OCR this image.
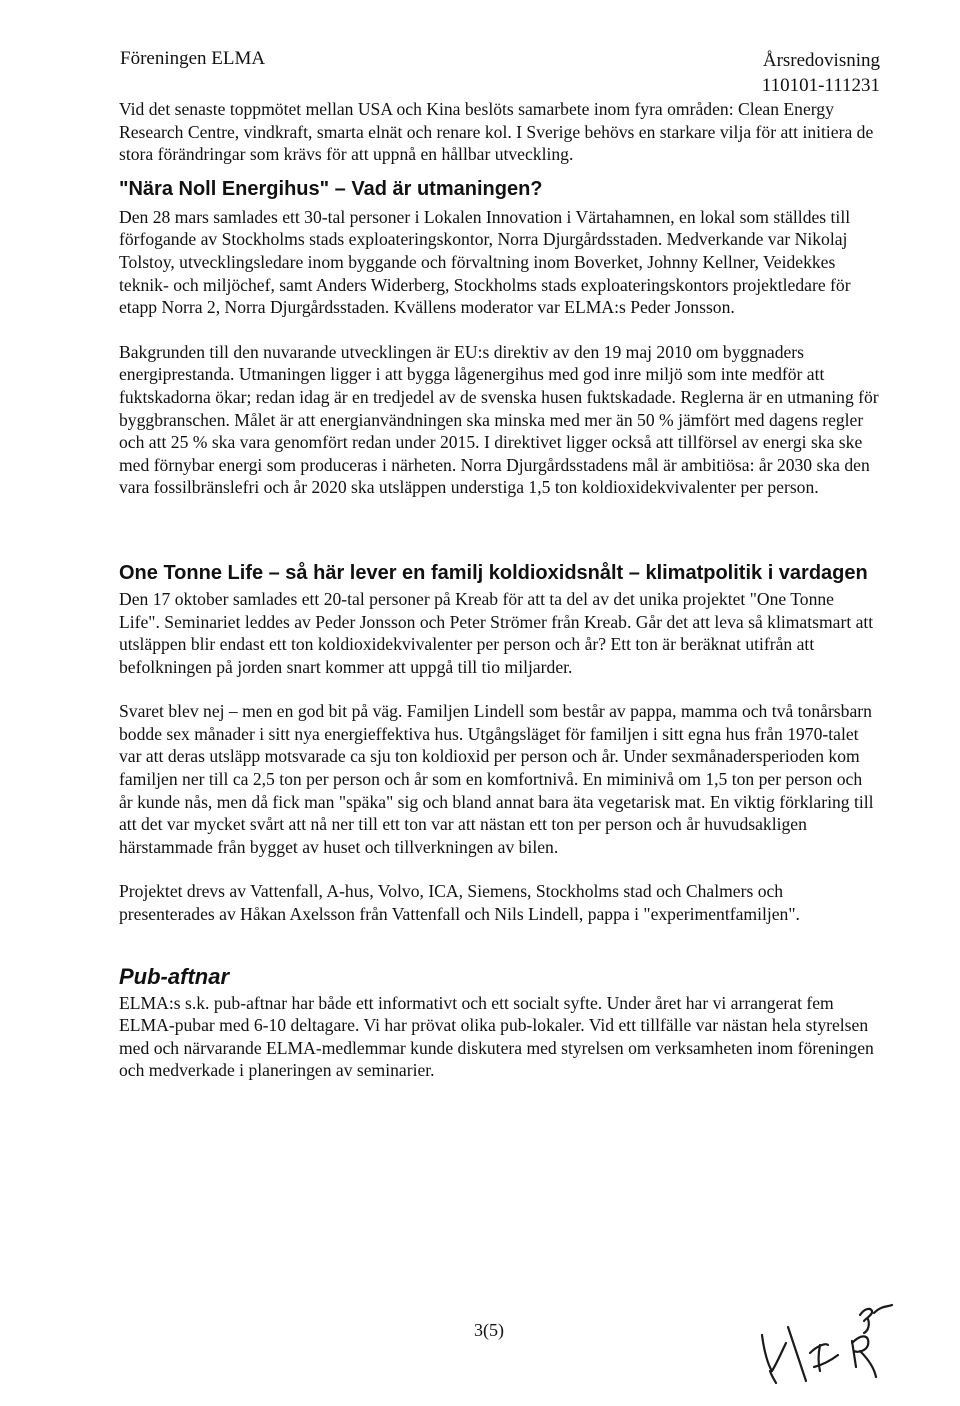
Föreningen ELMA	Årsredovisning
110101-111231

Vid det senaste toppmötet mellan USA och Kina beslöts samarbete inom fyra områden: Clean Energy Research Centre, vindkraft, smarta elnät och renare kol. I Sverige behövs en starkare vilja för att initiera de stora förändringar som krävs för att uppnå en hållbar utveckling.

"Nära Noll Energihus" – Vad är utmaningen?

Den 28 mars samlades ett 30-tal personer i Lokalen Innovation i Värtahamnen, en lokal som ställdes till förfogande av Stockholms stads exploateringskontor, Norra Djurgårdsstaden. Medverkande var Nikolaj Tolstoy, utvecklingsledare inom byggande och förvaltning inom Boverket, Johnny Kellner, Veidekkes teknik- och miljöchef, samt Anders Widerberg, Stockholms stads exploateringskontors projektledare för etapp Norra 2, Norra Djurgårdsstaden. Kvällens moderator var ELMA:s Peder Jonsson.

Bakgrunden till den nuvarande utvecklingen är EU:s direktiv av den 19 maj 2010 om byggnaders energiprestanda. Utmaningen ligger i att bygga lågenergihus med god inre miljö som inte medför att fuktskadorna ökar; redan idag är en tredjedel av de svenska husen fuktskadade. Reglerna är en utmaning för byggbranschen. Målet är att energianvändningen ska minska med mer än 50 % jämfört med dagens regler och att 25 % ska vara genomfört redan under 2015. I direktivet ligger också att tillförsel av energi ska ske med förnybar energi som produceras i närheten. Norra Djurgårdsstadens mål är ambitiösa: år 2030 ska den vara fossilbränslefri och år 2020 ska utsläppen understiga 1,5 ton koldioxidekvivalenter per person.

One Tonne Life – så här lever en familj koldioxidsnålt – klimatpolitik i vardagen

Den 17 oktober samlades ett 20-tal personer på Kreab för att ta del av det unika projektet "One Tonne Life". Seminariet leddes av Peder Jonsson och Peter Strömer från Kreab. Går det att leva så klimatsmart att utsläppen blir endast ett ton koldioxidekvivalenter per person och år? Ett ton är beräknat utifrån att befolkningen på jorden snart kommer att uppgå till tio miljarder.

Svaret blev nej – men en god bit på väg. Familjen Lindell som består av pappa, mamma och två tonårsbarn bodde sex månader i sitt nya energieffektiva hus. Utgångsläget för familjen i sitt egna hus från 1970-talet var att deras utsläpp motsvarade ca sju ton koldioxid per person och år. Under sexmånadersperioden kom familjen ner till ca 2,5 ton per person och år som en komfortnivå. En miminivå om 1,5 ton per person och år kunde nås, men då fick man "späka" sig och bland annat bara äta vegetarisk mat. En viktig förklaring till att det var mycket svårt att nå ner till ett ton var att nästan ett ton per person och år huvudsakligen härstammade från bygget av huset och tillverkningen av bilen.

Projektet drevs av Vattenfall, A-hus, Volvo, ICA, Siemens, Stockholms stad och Chalmers och presenterades av Håkan Axelsson från Vattenfall och Nils Lindell, pappa i "experimentfamiljen".

Pub-aftnar

ELMA:s s.k. pub-aftnar har både ett informativt och ett socialt syfte. Under året har vi arrangerat fem ELMA-pubar med 6-10 deltagare. Vi har prövat olika pub-lokaler. Vid ett tillfälle var nästan hela styrelsen med och närvarande ELMA-medlemmar kunde diskutera med styrelsen om verksamheten inom föreningen och medverkade i planeringen av seminarier.

3(5)
